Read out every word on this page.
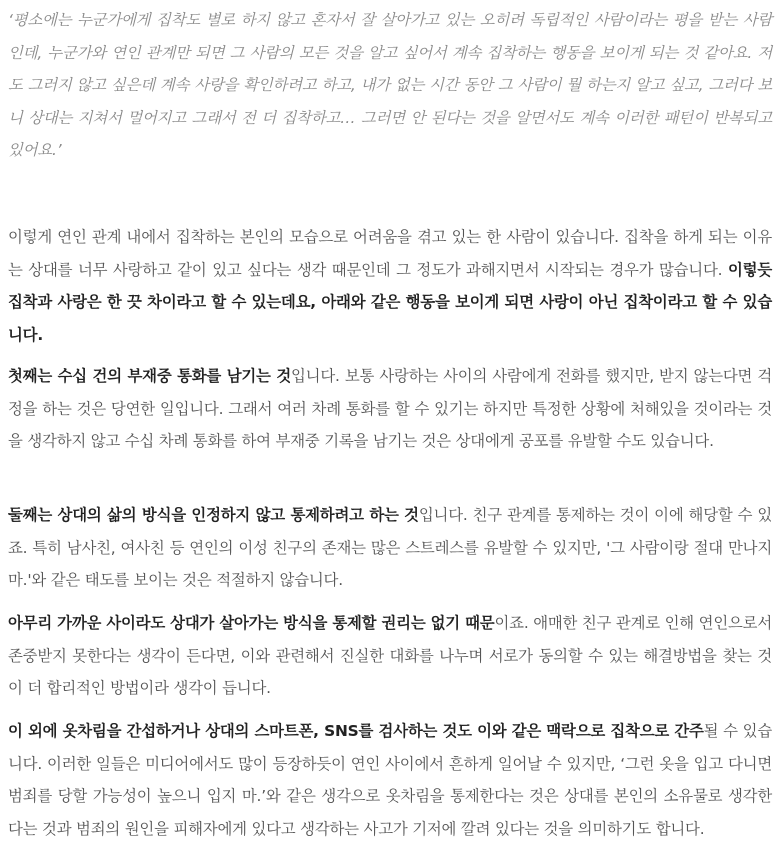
‘평소에는 누군가에게 집착도 별로 하지 않고 혼자서 잘 살아가고 있는 오히려 독립적인 사람이라는 평을 받는 사람인데, 누군가와 연인 관계만 되면 그 사람의 모든 것을 알고 싶어서 계속 집착하는 행동을 보이게 되는 것 같아요. 저도 그러지 않고 싶은데 계속 사랑을 확인하려고 하고, 내가 없는 시간 동안 그 사람이 뭘 하는지 알고 싶고, 그러다 보니 상대는 지쳐서 멀어지고 그래서 전 더 집착하고… 그러면 안 된다는 것을 알면서도 계속 이러한 패턴이 반복되고 있어요.’

이렇게 연인 관계 내에서 집착하는 본인의 모습으로 어려움을 겪고 있는 한 사람이 있습니다. 집착을 하게 되는 이유는 상대를 너무 사랑하고 같이 있고 싶다는 생각 때문인데 그 정도가 과해지면서 시작되는 경우가 많습니다. 이렇듯 집착과 사랑은 한 끗 차이라고 할 수 있는데요, 아래와 같은 행동을 보이게 되면 사랑이 아닌 집착이라고 할 수 있습니다.

첫째는 수십 건의 부재중 통화를 남기는 것입니다. 보통 사랑하는 사이의 사람에게 전화를 했지만, 받지 않는다면 걱정을 하는 것은 당연한 일입니다. 그래서 여러 차례 통화를 할 수 있기는 하지만 특정한 상황에 처해있을 것이라는 것을 생각하지 않고 수십 차례 통화를 하여 부재중 기록을 남기는 것은 상대에게 공포를 유발할 수도 있습니다.

둘째는 상대의 삶의 방식을 인정하지 않고 통제하려고 하는 것입니다. 친구 관계를 통제하는 것이 이에 해당할 수 있죠. 특히 남사친, 여사친 등 연인의 이성 친구의 존재는 많은 스트레스를 유발할 수 있지만, '그 사람이랑 절대 만나지 마.'와 같은 태도를 보이는 것은 적절하지 않습니다.

아무리 가까운 사이라도 상대가 살아가는 방식을 통제할 권리는 없기 때문이죠. 애매한 친구 관계로 인해 연인으로서 존중받지 못한다는 생각이 든다면, 이와 관련해서 진실한 대화를 나누며 서로가 동의할 수 있는 해결방법을 찾는 것이 더 합리적인 방법이라 생각이 듭니다.

이 외에 옷차림을 간섭하거나 상대의 스마트폰, SNS를 검사하는 것도 이와 같은 맥락으로 집착으로 간주될 수 있습니다. 이러한 일들은 미디어에서도 많이 등장하듯이 연인 사이에서 흔하게 일어날 수 있지만, ‘그런 옷을 입고 다니면 범죄를 당할 가능성이 높으니 입지 마.’와 같은 생각으로 옷차림을 통제한다는 것은 상대를 본인의 소유물로 생각한다는 것과 범죄의 원인을 피해자에게 있다고 생각하는 사고가 기저에 깔려 있다는 것을 의미하기도 합니다.
